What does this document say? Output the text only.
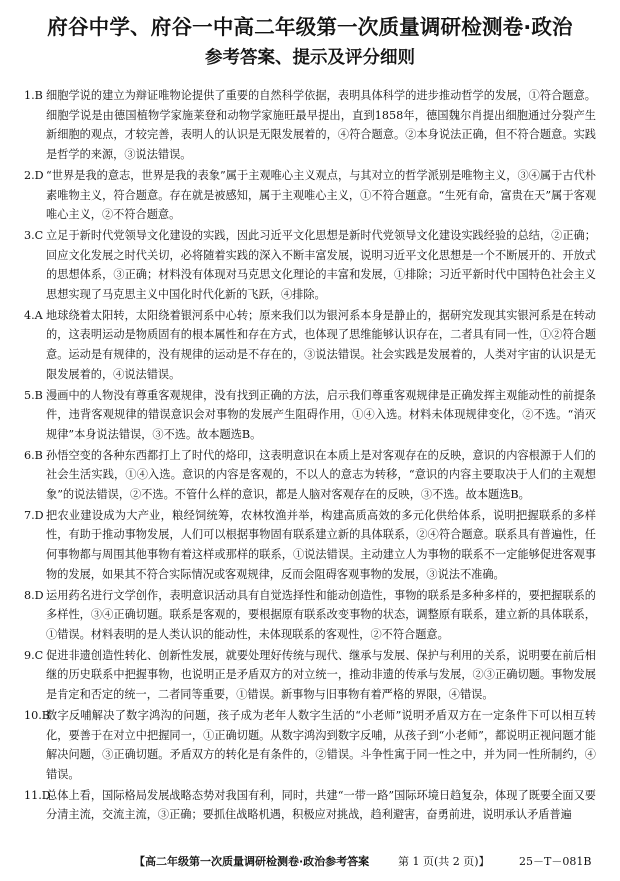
府谷中学、府谷一中高二年级第一次质量调研检测卷·政治
参考答案、提示及评分细则
1.B 细胞学说的建立为辩证唯物论提供了重要的自然科学依据，表明具体科学的进步推动哲学的发展，①符合题意。细胞学说是由德国植物学家施莱登和动物学家施旺最早提出，直到1858年，德国魏尔肖提出细胞通过分裂产生新细胞的观点，才较完善，表明人的认识是无限发展着的，④符合题意。②本身说法正确，但不符合题意。实践是哲学的来源，③说法错误。
2.D “世界是我的意志，世界是我的表象”属于主观唯心主义观点，与其对立的哲学派别是唯物主义，③④属于古代朴素唯物主义，符合题意。存在就是被感知，属于主观唯心主义，①不符合题意。“生死有命，富贵在天”属于客观唯心主义，②不符合题意。
3.C 立足于新时代党领导文化建设的实践，因此习近平文化思想是新时代党领导文化建设实践经验的总结，②正确；回应文化发展之时代关切，必将随着实践的深入不断丰富发展，说明习近平文化思想是一个不断展开的、开放式的思想体系，③正确；材料没有体现对马克思文化理论的丰富和发展，①排除；习近平新时代中国特色社会主义思想实现了马克思主义中国化时代化新的飞跃，④排除。
4.A 地球绕着太阳转，太阳绕着银河系中心转；原来我们以为银河系本身是静止的，据研究发现其实银河系是在转动的，这表明运动是物质固有的根本属性和存在方式，也体现了思维能够认识存在，二者具有同一性，①②符合题意。运动是有规律的，没有规律的运动是不存在的，③说法错误。社会实践是发展着的，人类对宇宙的认识是无限发展着的，④说法错误。
5.B 漫画中的人物没有尊重客观规律，没有找到正确的方法，启示我们尊重客观规律是正确发挥主观能动性的前提条件，违背客观规律的错误意识会对事物的发展产生阻碍作用，①④入选。材料未体现规律变化，②不选。“消灭规律”本身说法错误，③不选。故本题选B。
6.B 孙悟空变的各种东西都打上了时代的烙印，这表明意识在本质上是对客观存在的反映，意识的内容根源于人们的社会生活实践，①④入选。意识的内容是客观的，不以人的意志为转移，“意识的内容主要取决于人们的主观想象”的说法错误，②不选。不管什么样的意识，都是人脑对客观存在的反映，③不选。故本题选B。
7.D 把农业建设成为大产业，粮经饲统筹，农林牧渔并举，构建高质高效的多元化供给体系，说明把握联系的多样性，有助于推动事物发展，人们可以根据事物固有联系建立新的具体联系，②④符合题意。联系具有普遍性，任何事物都与周围其他事物有着这样或那样的联系，①说法错误。主动建立人为事物的联系不一定能够促进客观事物的发展，如果其不符合实际情况或客观规律，反而会阻碍客观事物的发展，③说法不准确。
8.D 运用药名进行文学创作，表明意识活动具有自觉选择性和能动创造性，事物的联系是多种多样的，要把握联系的多样性，③④正确切题。联系是客观的，要根据原有联系改变事物的状态，调整原有联系，建立新的具体联系，①错误。材料表明的是人类认识的能动性，未体现联系的客观性，②不符合题意。
9.C 促进非遗创造性转化、创新性发展，就要处理好传统与现代、继承与发展、保护与利用的关系，说明要在前后相继的历史联系中把握事物，也说明正是矛盾双方的对立统一，推动非遗的传承与发展，②③正确切题。事物发展是肯定和否定的统一，二者同等重要，①错误。新事物与旧事物有着严格的界限，④错误。
10.B
数字反哺解决了数字鸿沟的问题，孩子成为老年人数字生活的“小老师”说明矛盾双方在一定条件下可以相互转化，要善于在对立中把握同一，①正确切题。从数字鸿沟到数字反哺，从孩子到“小老师”，都说明正视问题才能解决问题，③正确切题。矛盾双方的转化是有条件的，②错误。斗争性寓于同一性之中，并为同一性所制约，④错误。
11.D
总体上看，国际格局发展战略态势对我国有利，同时，共建“一带一路”国际环境日趋复杂，体现了既要全面又要分清主流，交流主流，③正确；要抓住战略机遇，积极应对挑战，趋利避害，奋勇前进，说明承认矛盾普遍
【高二年级第一次质量调研检测卷·政治参考答案	第 1 页(共 2 页)】	25－T－081B
